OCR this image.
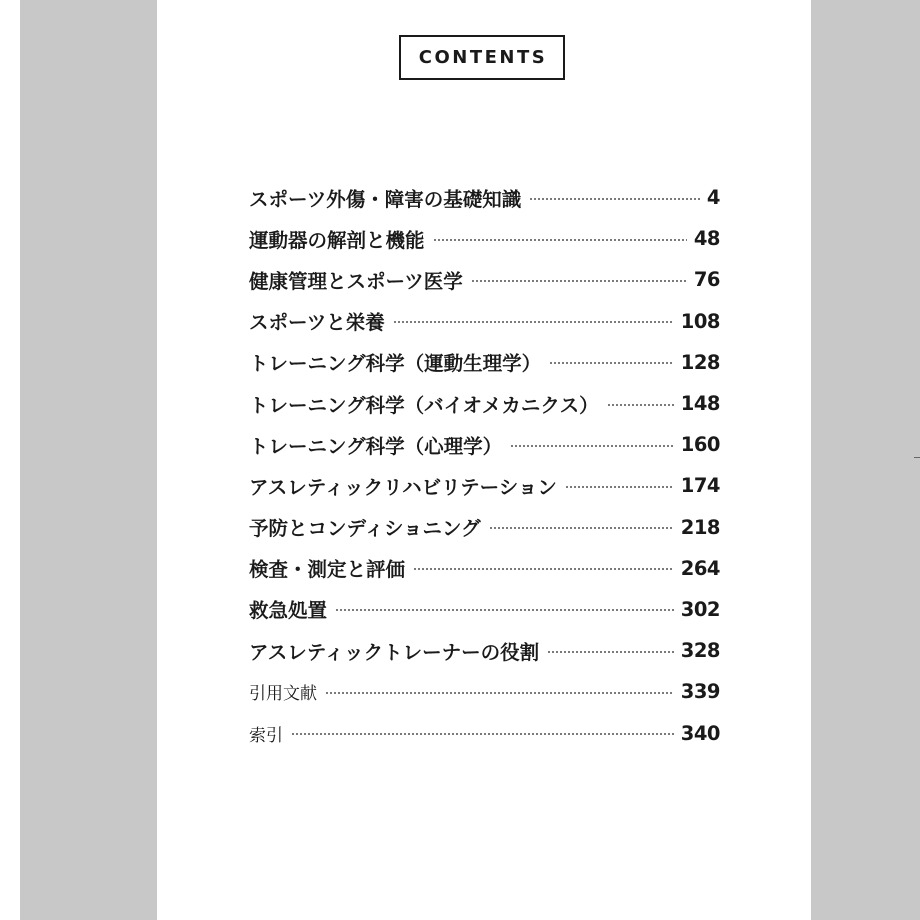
CONTENTS
スポーツ外傷・障害の基礎知識	4
運動器の解剖と機能	48
健康管理とスポーツ医学	76
スポーツと栄養	108
トレーニング科学（運動生理学）	128
トレーニング科学（バイオメカニクス）	148
トレーニング科学（心理学）	160
アスレティックリハビリテーション	174
予防とコンディショニング	218
検査・測定と評価	264
救急処置	302
アスレティックトレーナーの役割	328
引用文献	339
索引	340
